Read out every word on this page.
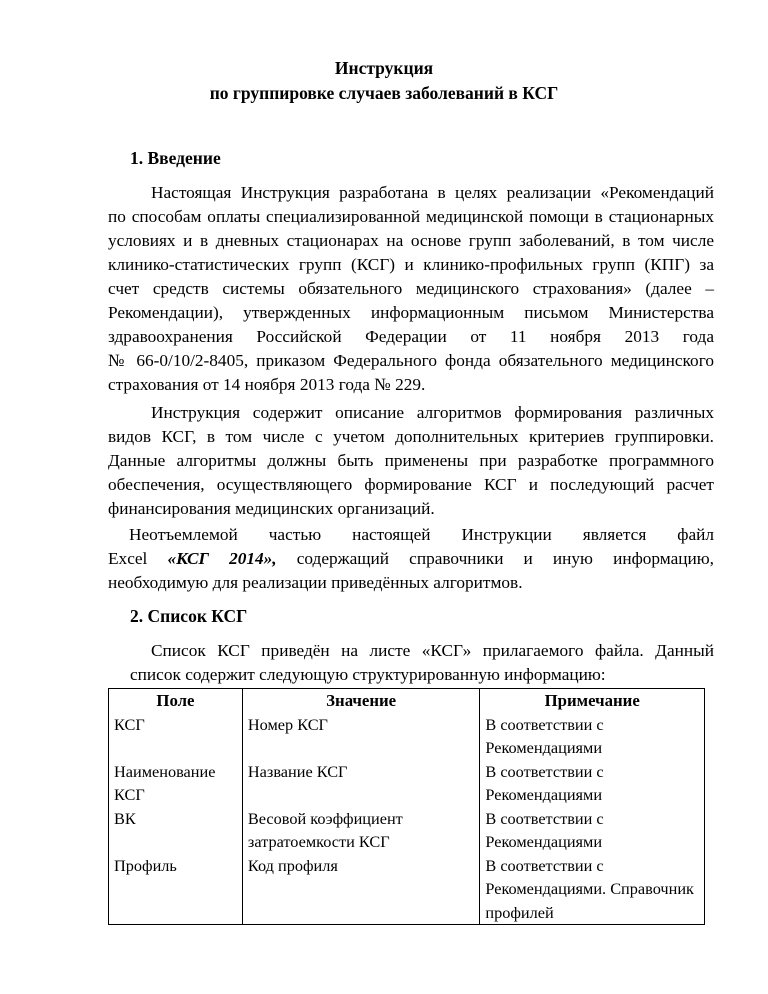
Инструкция
по группировке случаев заболеваний в КСГ
1. Введение
Настоящая Инструкция разработана в целях реализации «Рекомендаций
по способам оплаты специализированной медицинской помощи в стационарных
условиях и в дневных стационарах на основе групп заболеваний, в том числе
клинико-статистических групп (КСГ) и клинико-профильных групп (КПГ) за
счет средств системы обязательного медицинского страхования» (далее –
Рекомендации), утвержденных информационным письмом Министерства
здравоохранения Российской Федерации от 11 ноября 2013 года
№ 66-0/10/2-8405, приказом Федерального фонда обязательного медицинского
страхования от 14 ноября 2013 года № 229.
Инструкция содержит описание алгоритмов формирования различных
видов КСГ, в том числе с учетом дополнительных критериев группировки.
Данные алгоритмы должны быть применены при разработке программного
обеспечения, осуществляющего формирование КСГ и последующий расчет
финансирования медицинских организаций.
Неотъемлемой частью настоящей Инструкции является файл
Excel «КСГ 2014», содержащий справочники и иную информацию,
необходимую для реализации приведённых алгоритмов.
2. Список КСГ
Список КСГ приведён на листе «КСГ» прилагаемого файла. Данный
список содержит следующую структурированную информацию:
Поле	Значение	Примечание
КСГ	Номер КСГ	В соответствии с Рекомендациями
Наименование КСГ	Название КСГ	В соответствии с Рекомендациями
ВК	Весовой коэффициент затратоемкости КСГ	В соответствии с Рекомендациями
Профиль	Код профиля	В соответствии с Рекомендациями. Справочник профилей
